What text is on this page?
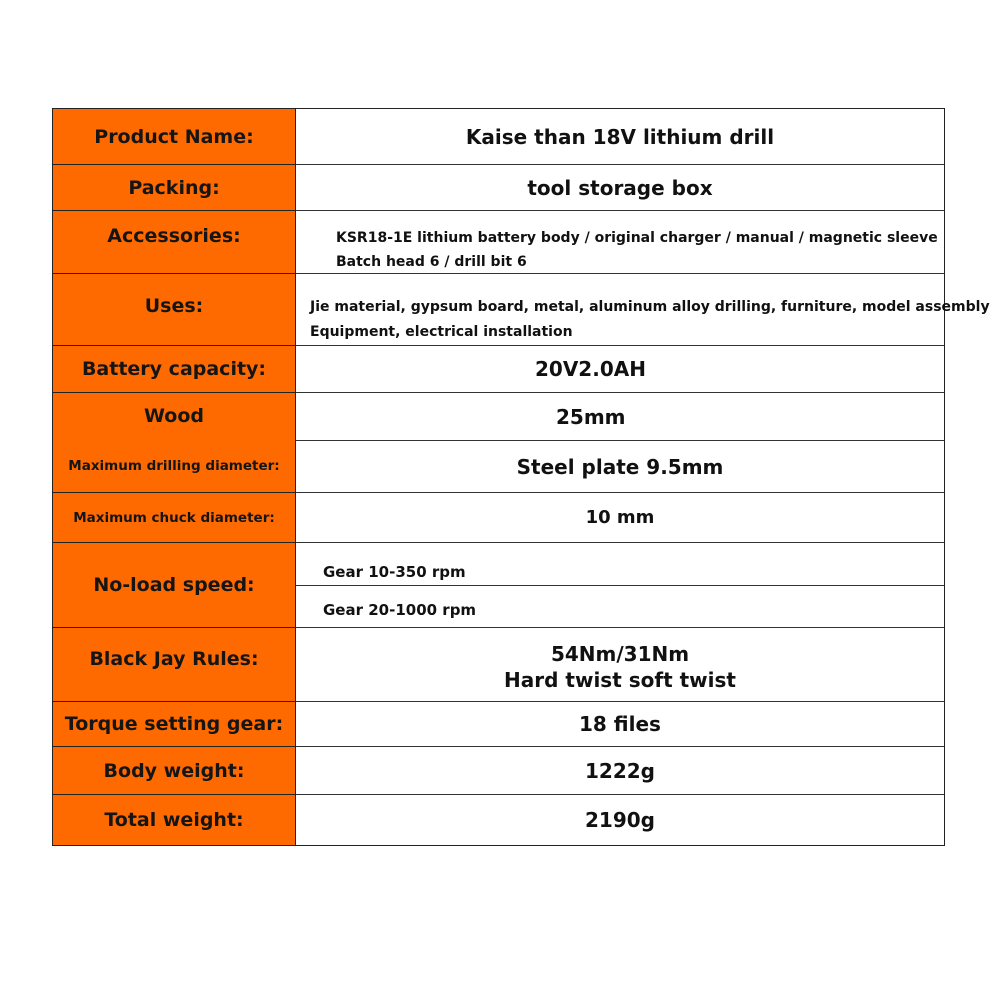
Product Name:	Kaise than 18V lithium drill
Packing:	tool storage box
Accessories:	KSR18-1E lithium battery body / original charger / manual / magnetic sleeve
Batch head 6 / drill bit 6
Uses:	Jie material, gypsum board, metal, aluminum alloy drilling, furniture, model assembly
Equipment, electrical installation
Battery capacity:	20V2.0AH
Wood	25mm
Maximum drilling diameter:	Steel plate 9.5mm
Maximum chuck diameter:	10 mm
No-load speed:
Gear 10-350 rpm
Gear 20-1000 rpm
Black Jay Rules:	54Nm/31Nm
Hard twist soft twist
Torque setting gear:	18 files
Body weight:	1222g
Total weight:	2190g
